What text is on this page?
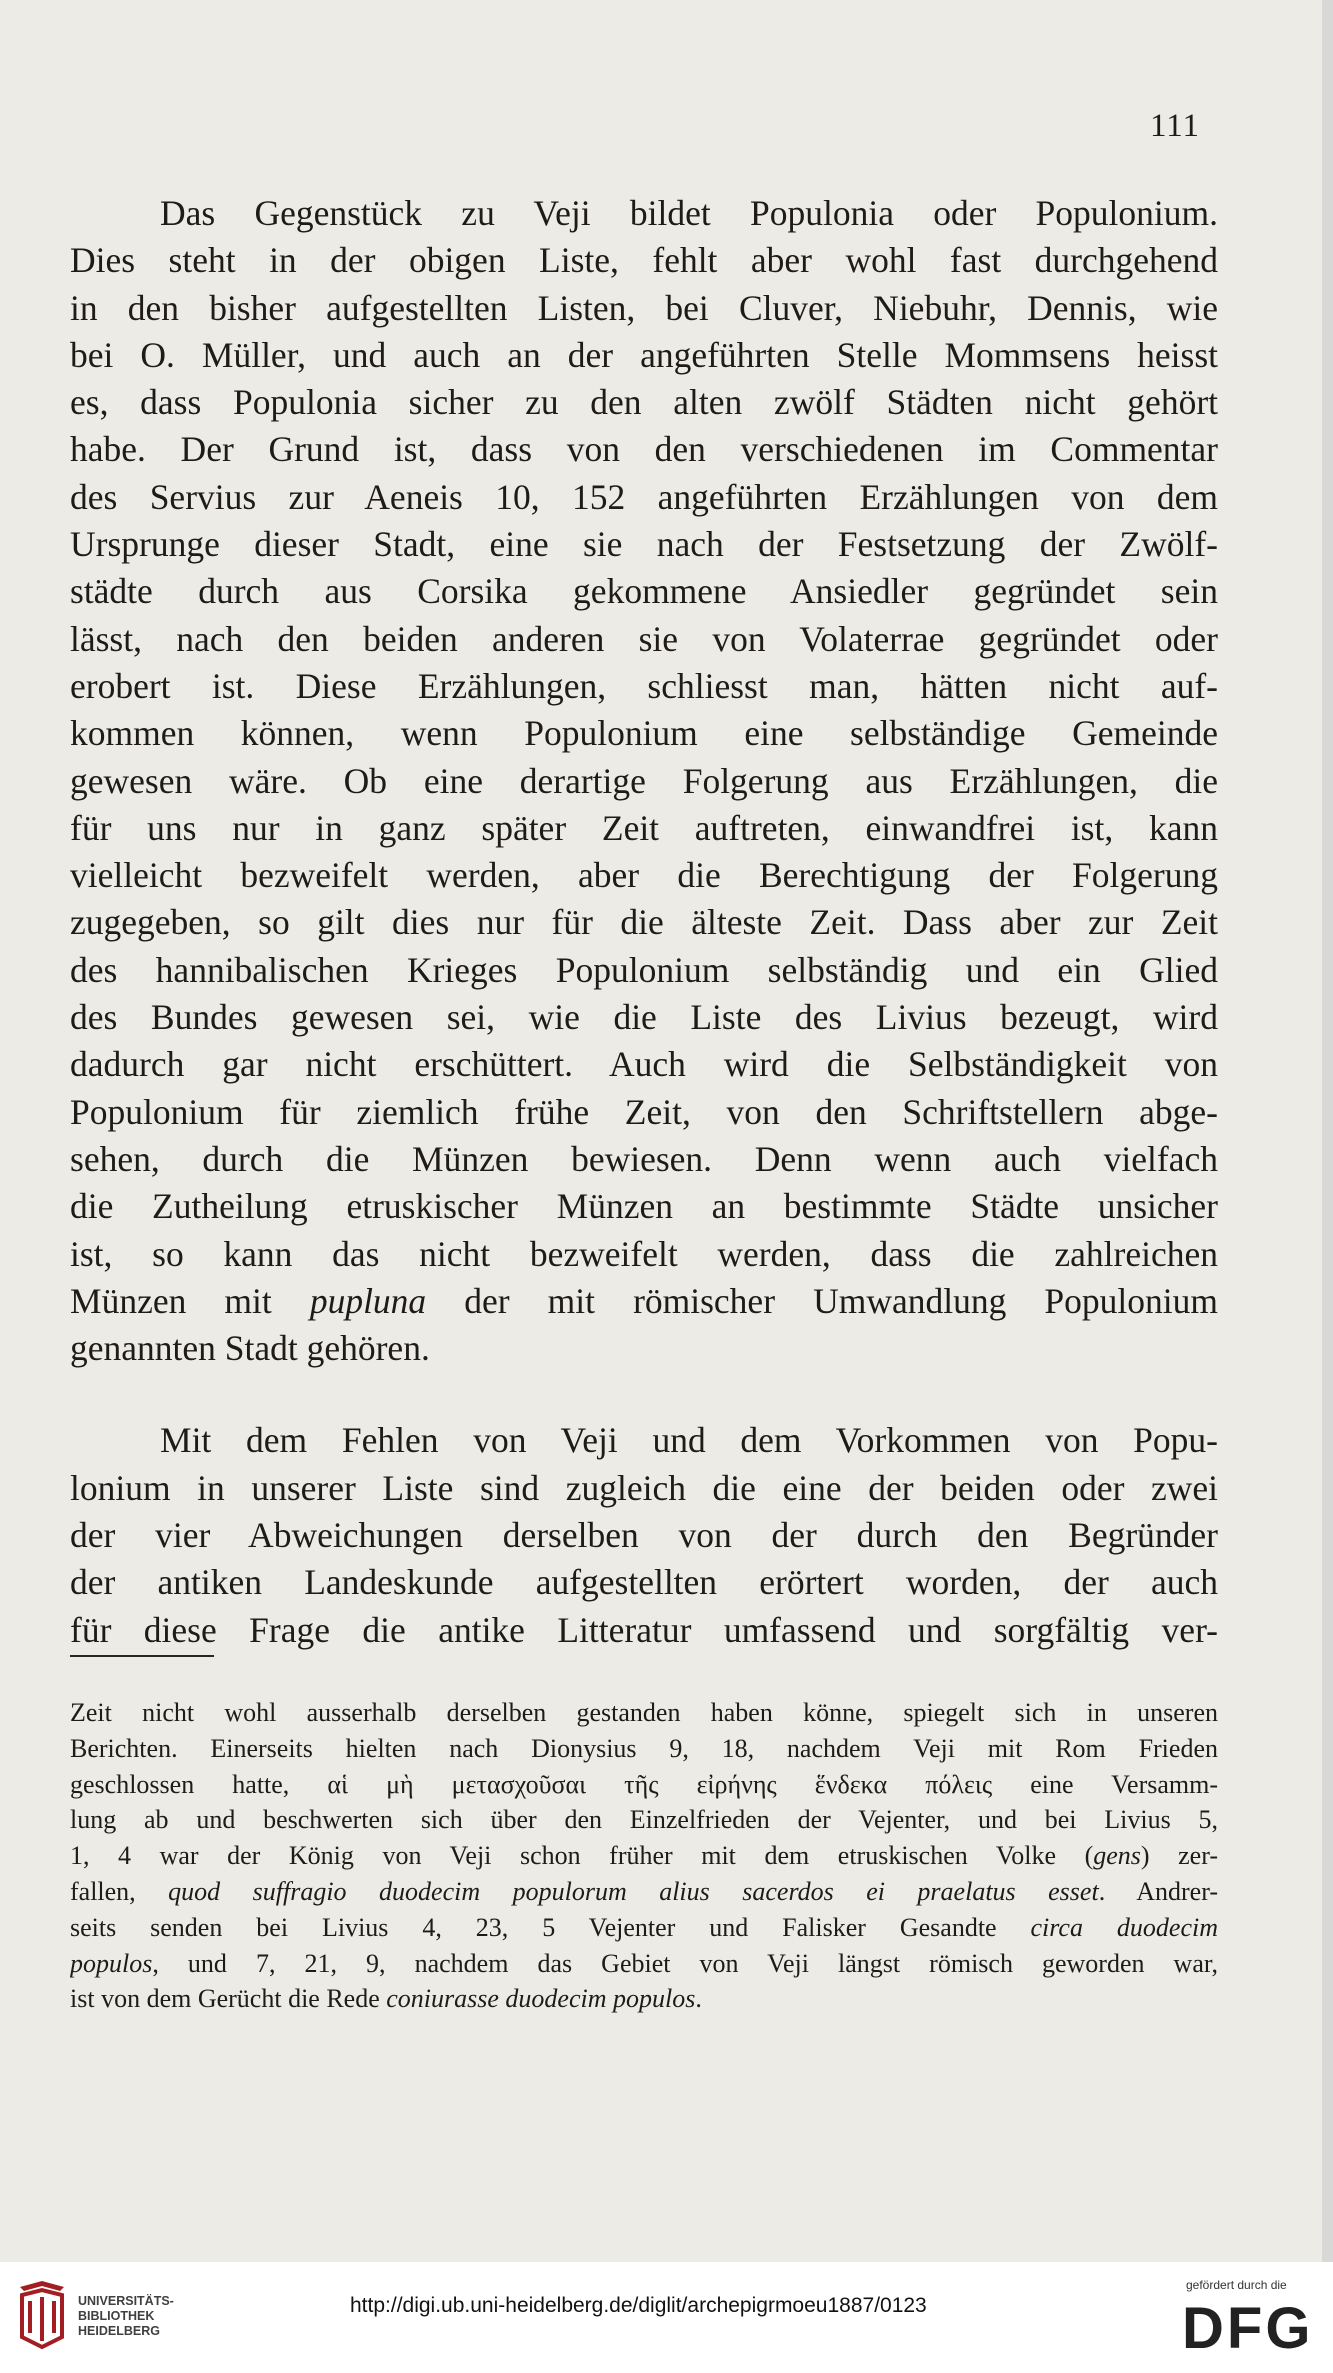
111
Das Gegenstück zu Veji bildet Populonia oder Populonium.
Dies steht in der obigen Liste, fehlt aber wohl fast durchgehend
in den bisher aufgestellten Listen, bei Cluver, Niebuhr, Dennis, wie
bei O. Müller, und auch an der angeführten Stelle Mommsens heisst
es, dass Populonia sicher zu den alten zwölf Städten nicht gehört
habe. Der Grund ist, dass von den verschiedenen im Commentar
des Servius zur Aeneis 10, 152 angeführten Erzählungen von dem
Ursprunge dieser Stadt, eine sie nach der Festsetzung der Zwölf-
städte durch aus Corsika gekommene Ansiedler gegründet sein
lässt, nach den beiden anderen sie von Volaterrae gegründet oder
erobert ist. Diese Erzählungen, schliesst man, hätten nicht auf-
kommen können, wenn Populonium eine selbständige Gemeinde
gewesen wäre. Ob eine derartige Folgerung aus Erzählungen, die
für uns nur in ganz später Zeit auftreten, einwandfrei ist, kann
vielleicht bezweifelt werden, aber die Berechtigung der Folgerung
zugegeben, so gilt dies nur für die älteste Zeit. Dass aber zur Zeit
des hannibalischen Krieges Populonium selbständig und ein Glied
des Bundes gewesen sei, wie die Liste des Livius bezeugt, wird
dadurch gar nicht erschüttert. Auch wird die Selbständigkeit von
Populonium für ziemlich frühe Zeit, von den Schriftstellern abge-
sehen, durch die Münzen bewiesen. Denn wenn auch vielfach
die Zutheilung etruskischer Münzen an bestimmte Städte unsicher
ist, so kann das nicht bezweifelt werden, dass die zahlreichen
Münzen mit pupluna der mit römischer Umwandlung Populonium
genannten Stadt gehören.
Mit dem Fehlen von Veji und dem Vorkommen von Popu-
lonium in unserer Liste sind zugleich die eine der beiden oder zwei
der vier Abweichungen derselben von der durch den Begründer
der antiken Landeskunde aufgestellten erörtert worden, der auch
für diese Frage die antike Litteratur umfassend und sorgfältig ver-
Zeit nicht wohl ausserhalb derselben gestanden haben könne, spiegelt sich in unseren
Berichten. Einerseits hielten nach Dionysius 9, 18, nachdem Veji mit Rom Frieden
geschlossen hatte, αἱ μὴ μετασχοῦσαι τῆς εἰρήνης ἕνδεκα πόλεις eine Versamm-
lung ab und beschwerten sich über den Einzelfrieden der Vejenter, und bei Livius 5,
1, 4 war der König von Veji schon früher mit dem etruskischen Volke (gens) zer-
fallen, quod suffragio duodecim populorum alius sacerdos ei praelatus esset. Andrer-
seits senden bei Livius 4, 23, 5 Vejenter und Falisker Gesandte circa duodecim
populos, und 7, 21, 9, nachdem das Gebiet von Veji längst römisch geworden war,
ist von dem Gerücht die Rede coniurasse duodecim populos.
UNIVERSITÄTS-
BIBLIOTHEK
HEIDELBERG
http://digi.ub.uni-heidelberg.de/diglit/archepigrmoeu1887/0123
gefördert durch die
DFG
